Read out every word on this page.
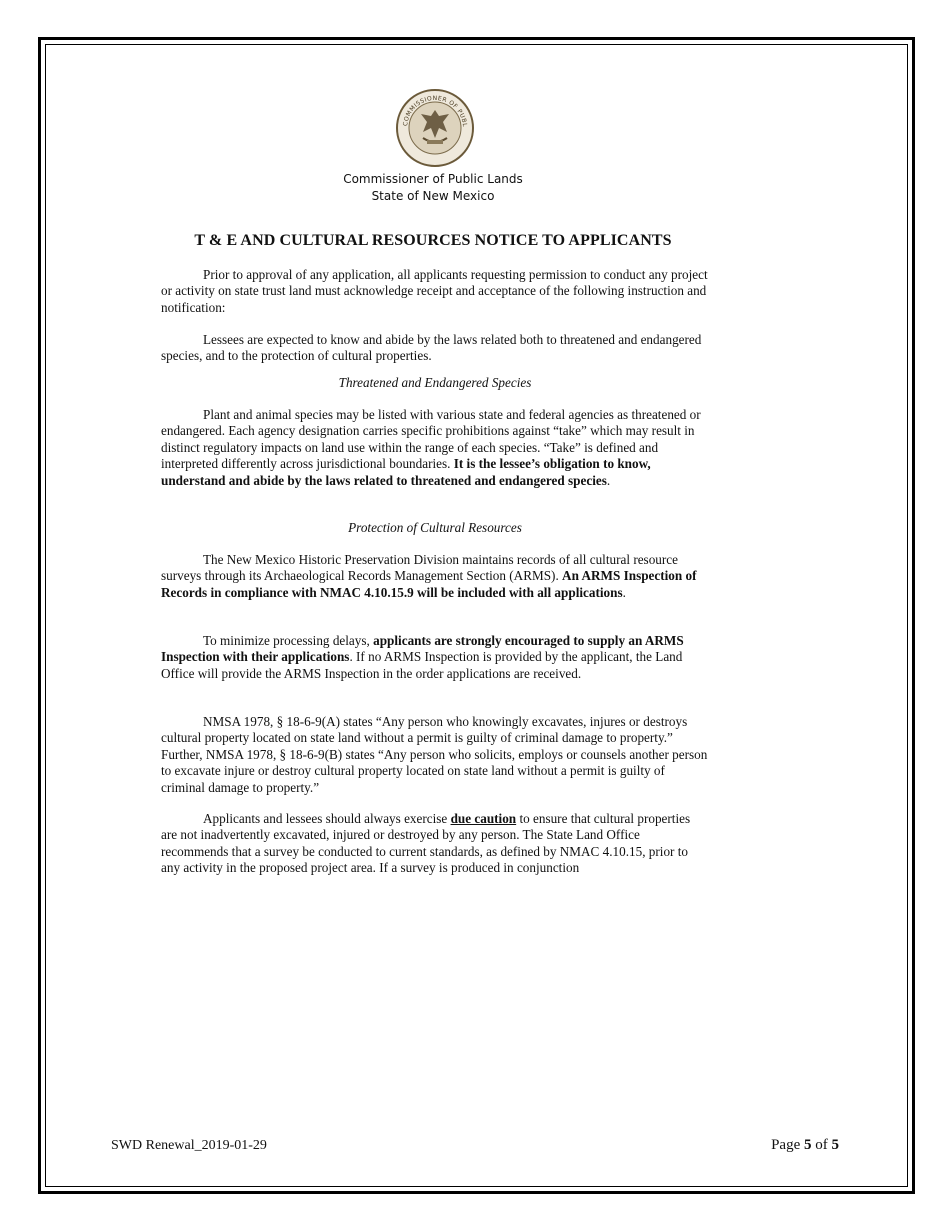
COMMISSIONER OF PUBL
Commissioner of Public Lands
State of New Mexico
T & E AND CULTURAL RESOURCES NOTICE TO APPLICANTS

Prior to approval of any application, all applicants requesting permission to conduct any project or activity on state trust land must acknowledge receipt and acceptance of the following instruction and notification:

Lessees are expected to know and abide by the laws related both to threatened and endangered species, and to the protection of cultural properties.

Threatened and Endangered Species

Plant and animal species may be listed with various state and federal agencies as threatened or endangered. Each agency designation carries specific prohibitions against “take” which may result in distinct regulatory impacts on land use within the range of each species. “Take” is defined and interpreted differently across jurisdictional boundaries. It is the lessee’s obligation to know, understand and abide by the laws related to threatened and endangered species.

Protection of Cultural Resources

The New Mexico Historic Preservation Division maintains records of all cultural resource surveys through its Archaeological Records Management Section (ARMS). An ARMS Inspection of Records in compliance with NMAC 4.10.15.9 will be included with all applications.

To minimize processing delays, applicants are strongly encouraged to supply an ARMS Inspection with their applications. If no ARMS Inspection is provided by the applicant, the Land Office will provide the ARMS Inspection in the order applications are received.

NMSA 1978, § 18-6-9(A) states “Any person who knowingly excavates, injures or destroys cultural property located on state land without a permit is guilty of criminal damage to property.” Further, NMSA 1978, § 18-6-9(B) states “Any person who solicits, employs or counsels another person to excavate injure or destroy cultural property located on state land without a permit is guilty of criminal damage to property.”

Applicants and lessees should always exercise due caution to ensure that cultural properties are not inadvertently excavated, injured or destroyed by any person. The State Land Office recommends that a survey be conducted to current standards, as defined by NMAC 4.10.15, prior to any activity in the proposed project area. If a survey is produced in conjunction

SWD Renewal_2019-01-29	Page 5 of 5
